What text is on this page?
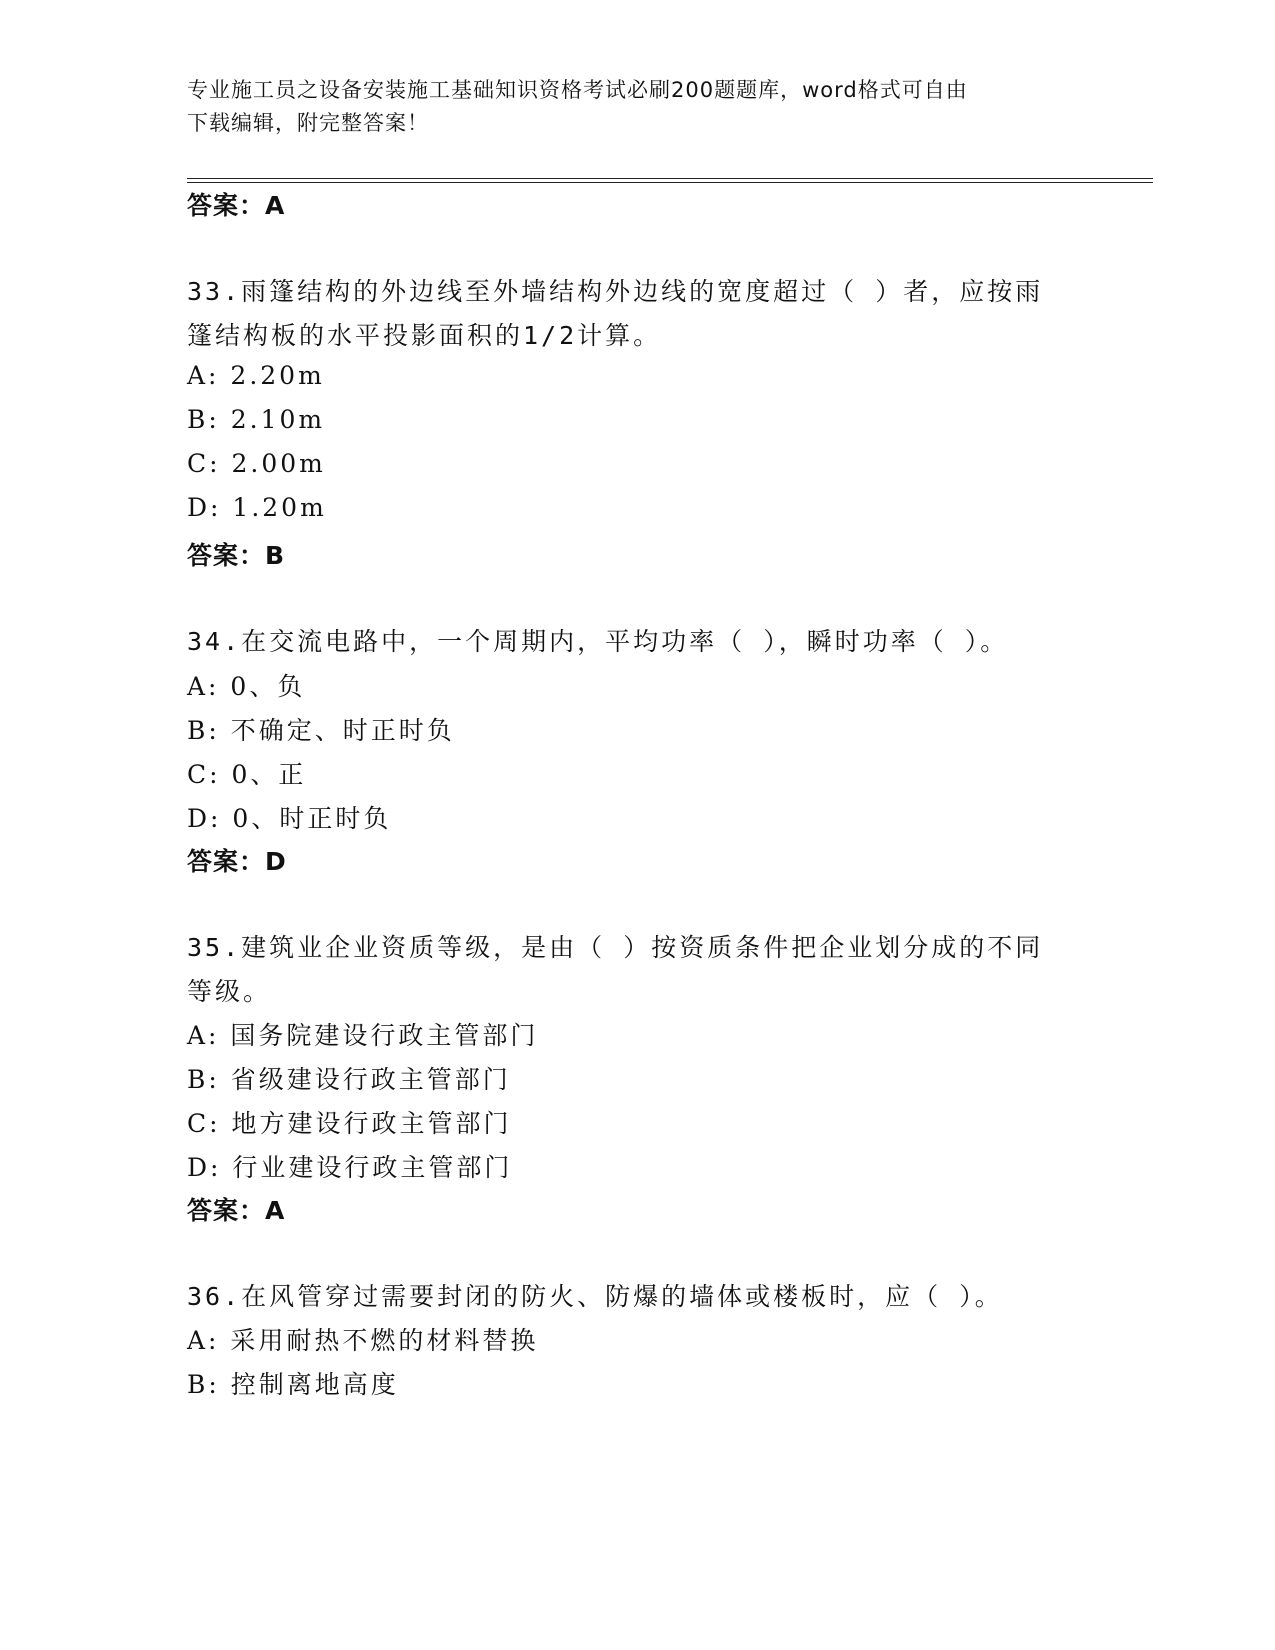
专业施工员之设备安装施工基础知识资格考试必刷200题题库，word格式可自由
下载编辑，附完整答案！
答案：A
33.雨篷结构的外边线至外墙结构外边线的宽度超过（ ）者，应按雨
篷结构板的水平投影面积的1/2计算。
A: 2.20m
B: 2.10m
C: 2.00m
D: 1.20m
答案：B
34.在交流电路中，一个周期内，平均功率（ ），瞬时功率（ ）。
A: 0、负
B: 不确定、时正时负
C: 0、正
D: 0、时正时负
答案：D
35.建筑业企业资质等级，是由（ ）按资质条件把企业划分成的不同
等级。
A: 国务院建设行政主管部门
B: 省级建设行政主管部门
C: 地方建设行政主管部门
D: 行业建设行政主管部门
答案：A
36.在风管穿过需要封闭的防火、防爆的墙体或楼板时，应（ ）。
A: 采用耐热不燃的材料替换
B: 控制离地高度
